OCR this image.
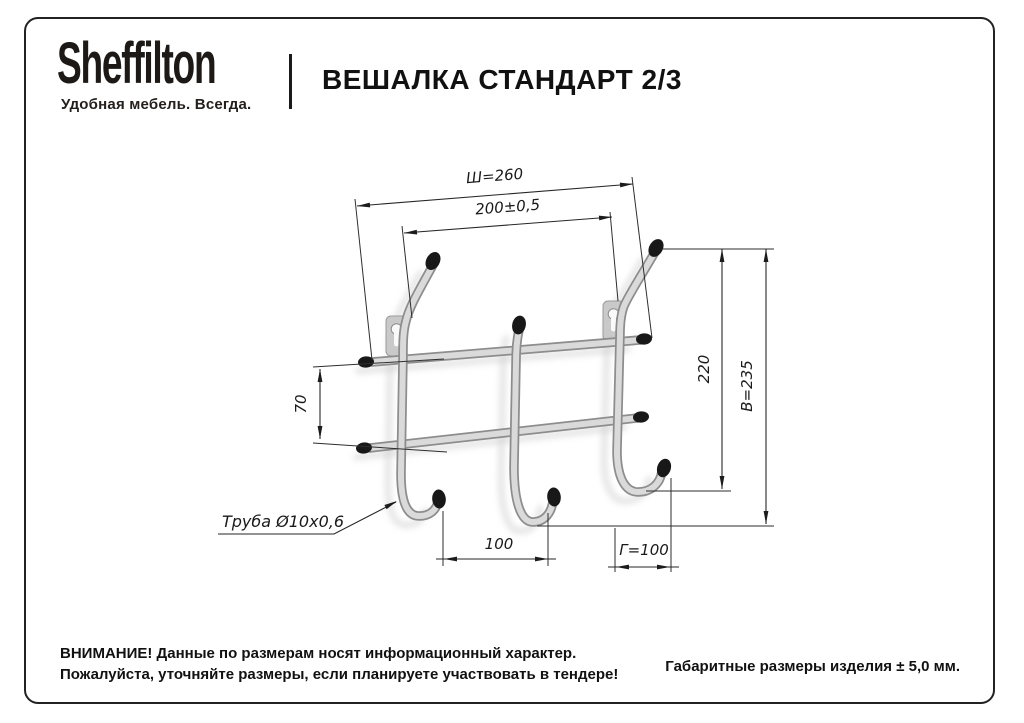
Sheffilton
Удобная мебель. Всегда.
ВЕШАЛКА СТАНДАРТ 2/3
Ш=260
200±0,5
70
220 В=235
100	Г=100
Труба Ø10х0,6
ВНИМАНИЕ! Данные по размерам носят информационный характер.
Пожалуйста, уточняйте размеры, если планируете участвовать в тендере!	Габаритные размеры изделия ± 5,0 мм.
